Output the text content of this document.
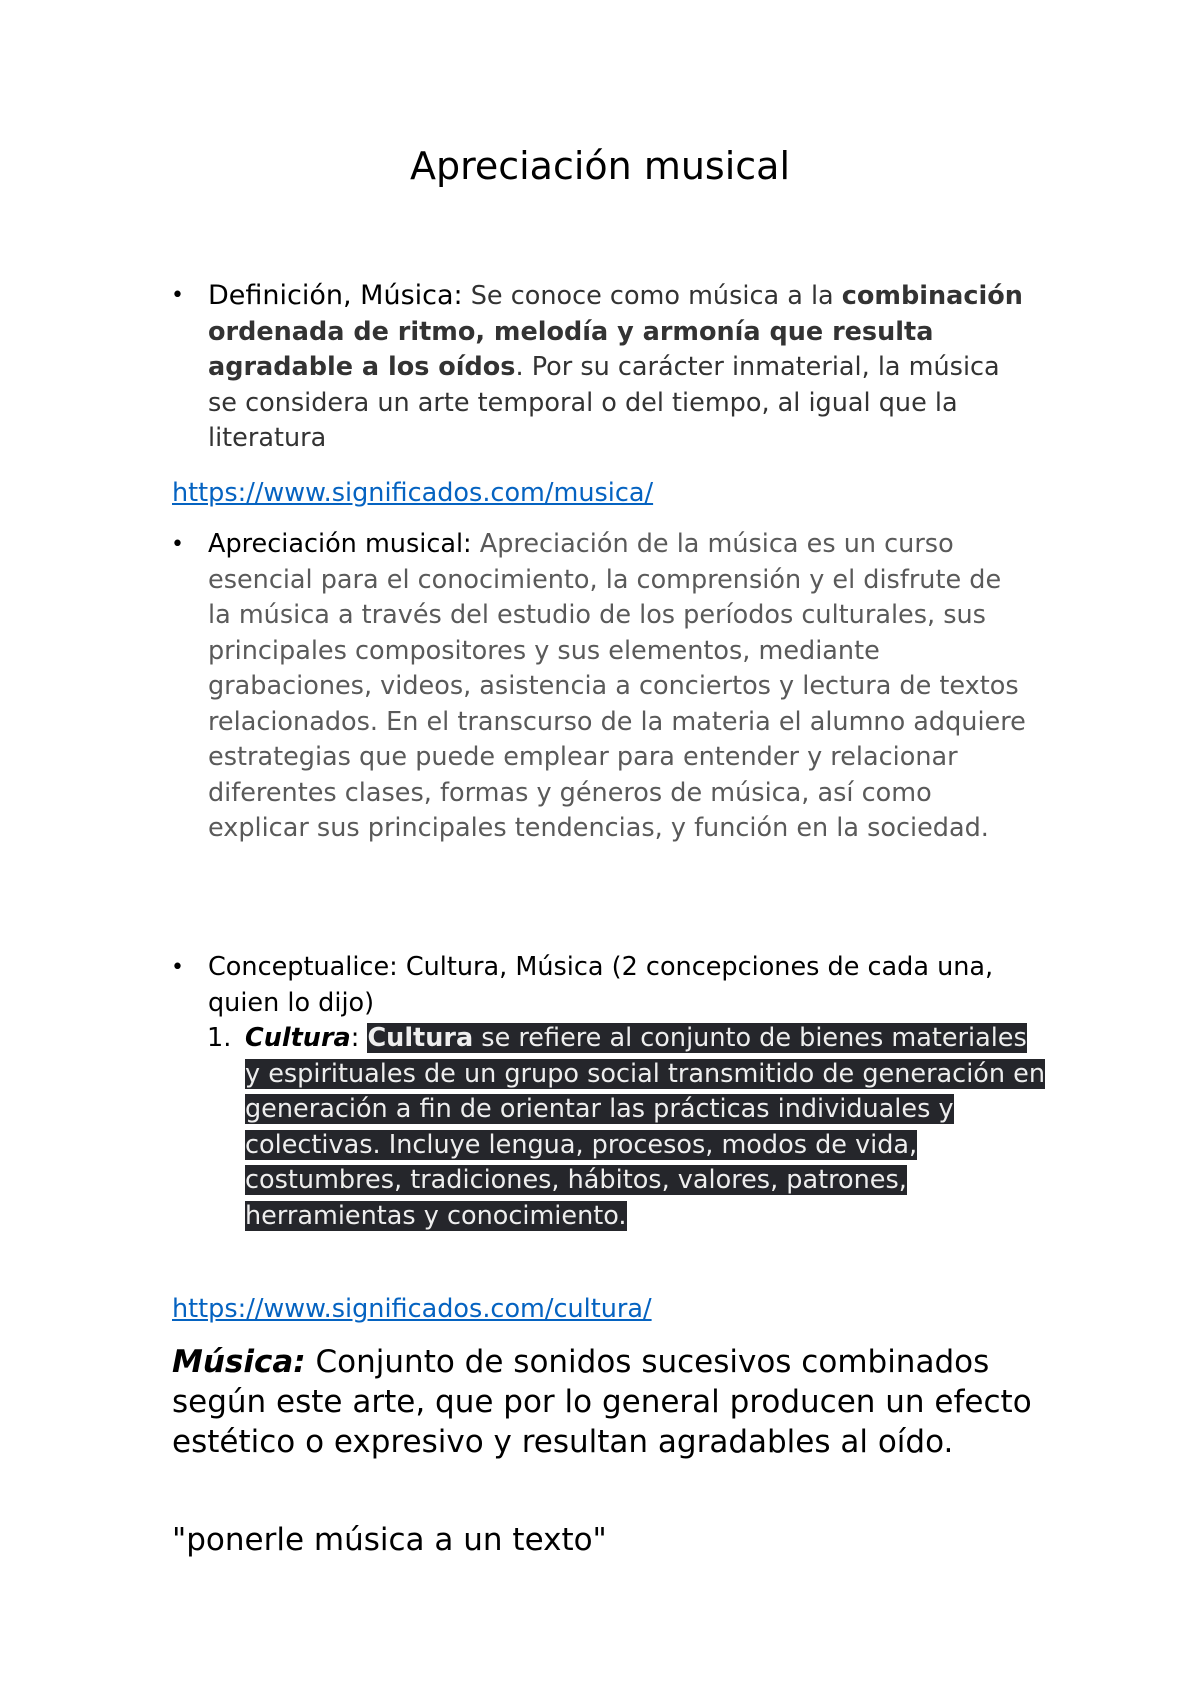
Apreciación musical
• Definición, Música: Se conoce como música a la combinación ordenada de ritmo, melodía y armonía que resulta agradable a los oídos. Por su carácter inmaterial, la música se considera un arte temporal o del tiempo, al igual que la literatura
https://www.significados.com/musica/
• Apreciación musical: Apreciación de la música es un curso esencial para el conocimiento, la comprensión y el disfrute de la música a través del estudio de los períodos culturales, sus principales compositores y sus elementos, mediante grabaciones, videos, asistencia a conciertos y lectura de textos relacionados. En el transcurso de la materia el alumno adquiere estrategias que puede emplear para entender y relacionar diferentes clases, formas y géneros de música, así como explicar sus principales tendencias, y función en la sociedad.
• Conceptualice: Cultura, Música (2 concepciones de cada una, quien lo dijo)
1. Cultura: Cultura se refiere al conjunto de bienes materiales y espirituales de un grupo social transmitido de generación en generación a fin de orientar las prácticas individuales y colectivas. Incluye lengua, procesos, modos de vida, costumbres, tradiciones, hábitos, valores, patrones, herramientas y conocimiento.
https://www.significados.com/cultura/

Música: Conjunto de sonidos sucesivos combinados según este arte, que por lo general producen un efecto estético o expresivo y resultan agradables al oído.

"ponerle música a un texto"
